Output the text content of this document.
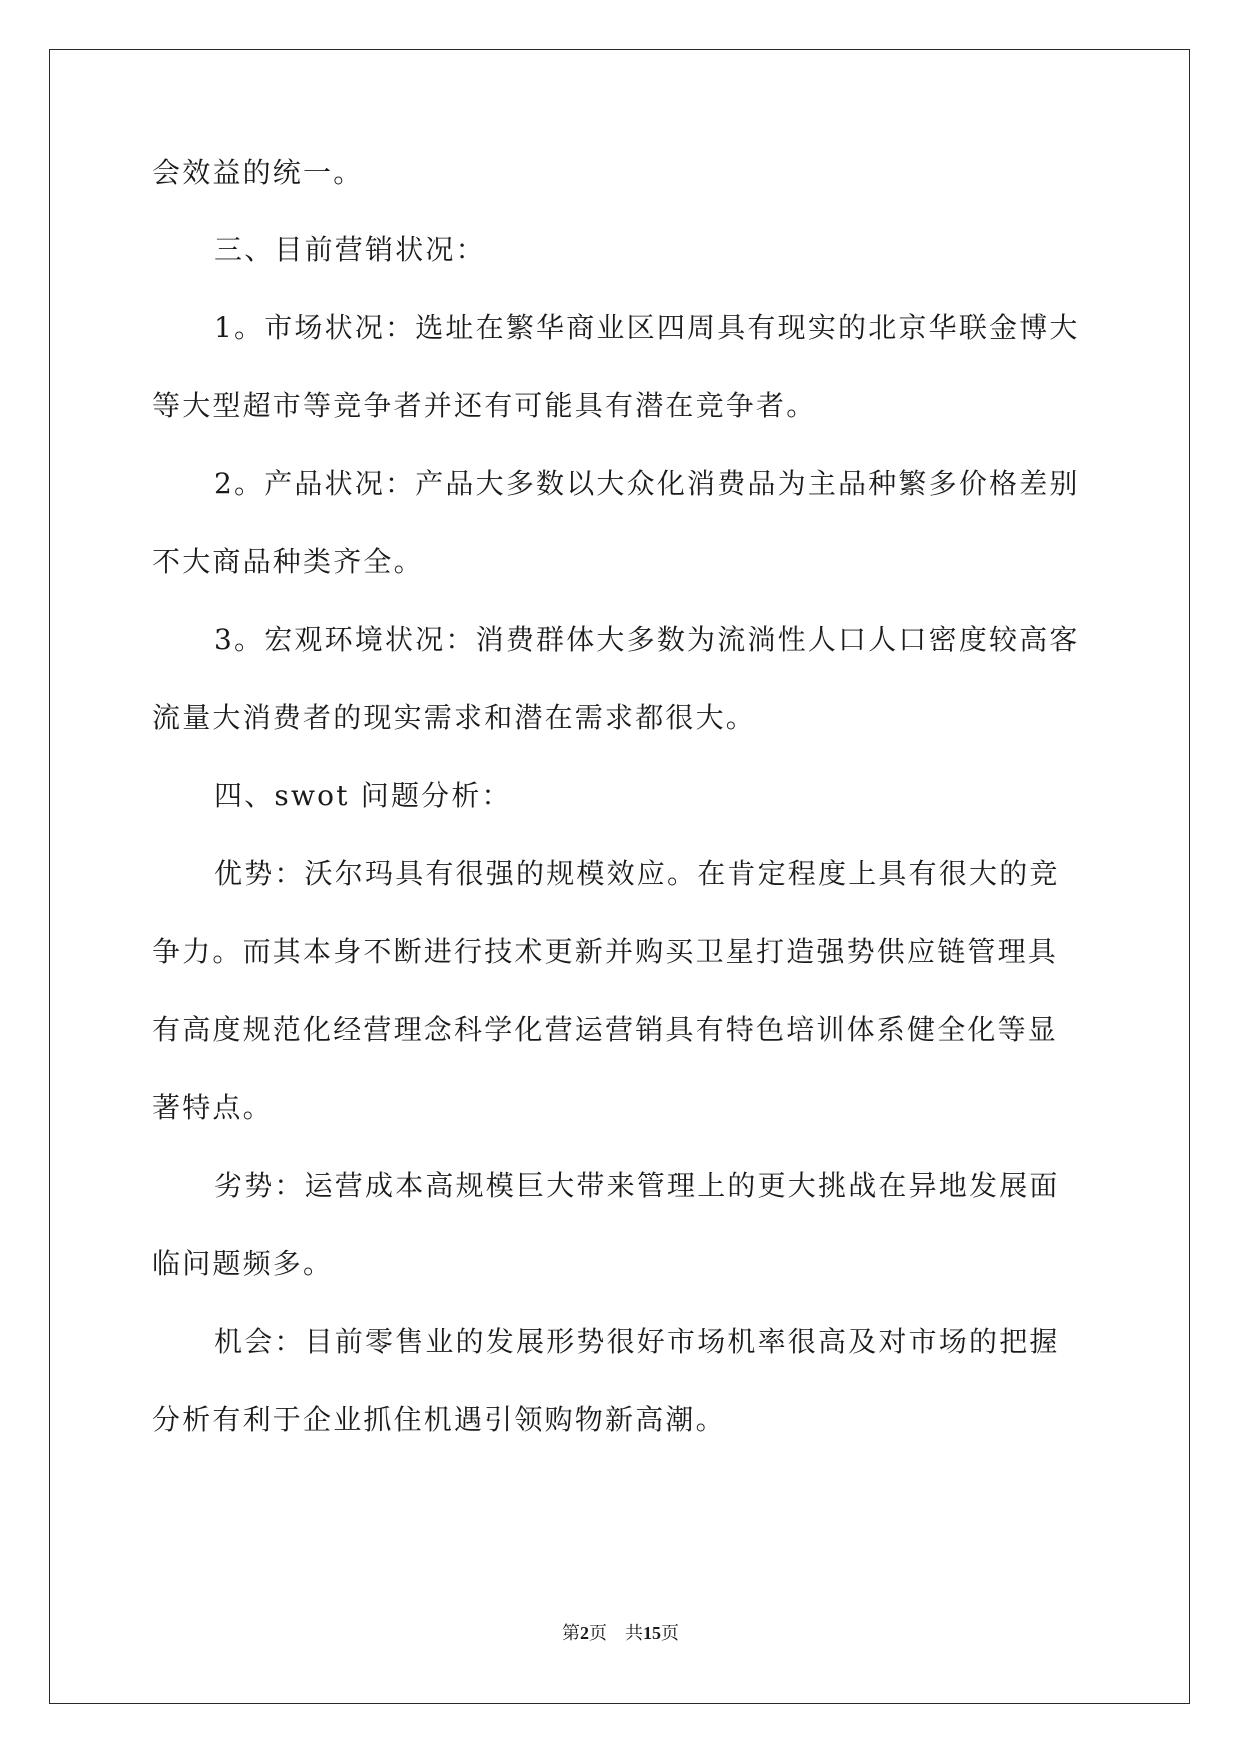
会效益的统一。
三、目前营销状况：
1。市场状况：选址在繁华商业区四周具有现实的北京华联金博大
等大型超市等竞争者并还有可能具有潜在竞争者。
2。产品状况：产品大多数以大众化消费品为主品种繁多价格差别
不大商品种类齐全。
3。宏观环境状况：消费群体大多数为流淌性人口人口密度较高客
流量大消费者的现实需求和潜在需求都很大。
四、swot 问题分析：
优势：沃尔玛具有很强的规模效应。在肯定程度上具有很大的竞
争力。而其本身不断进行技术更新并购买卫星打造强势供应链管理具
有高度规范化经营理念科学化营运营销具有特色培训体系健全化等显
著特点。
劣势：运营成本高规模巨大带来管理上的更大挑战在异地发展面
临问题频多。
机会：目前零售业的发展形势很好市场机率很高及对市场的把握
分析有利于企业抓住机遇引领购物新高潮。
第2页 共15页
